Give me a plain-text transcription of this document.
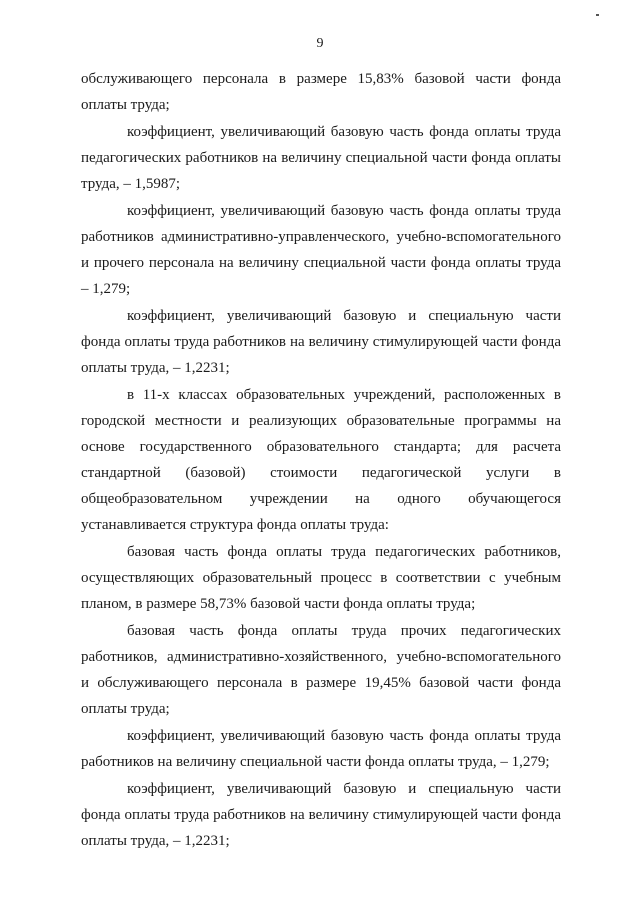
9

обслуживающего персонала в размере 15,83% базовой части фонда оплаты труда;

коэффициент, увеличивающий базовую часть фонда оплаты труда педагогических работников на величину специальной части фонда оплаты труда, – 1,5987;

коэффициент, увеличивающий базовую часть фонда оплаты труда работников административно-управленческого, учебно-вспомогательного и прочего персонала на величину специальной части фонда оплаты труда – 1,279;

коэффициент, увеличивающий базовую и специальную части фонда оплаты труда работников на величину стимулирующей части фонда оплаты труда, – 1,2231;

в 11-х классах образовательных учреждений, расположенных в городской местности и реализующих образовательные программы на основе государственного образовательного стандарта; для расчета стандартной (базовой) стоимости педагогической услуги в общеобразовательном учреждении на одного обучающегося устанавливается структура фонда оплаты труда:

базовая часть фонда оплаты труда педагогических работников, осуществляющих образовательный процесс в соответствии с учебным планом, в размере 58,73% базовой части фонда оплаты труда;

базовая часть фонда оплаты труда прочих педагогических работников, административно-хозяйственного, учебно-вспомогательного и обслуживающего персонала в размере 19,45% базовой части фонда оплаты труда;

коэффициент, увеличивающий базовую часть фонда оплаты труда работников на величину специальной части фонда оплаты труда, – 1,279;

коэффициент, увеличивающий базовую и специальную части фонда оплаты труда работников на величину стимулирующей части фонда оплаты труда, – 1,2231;
